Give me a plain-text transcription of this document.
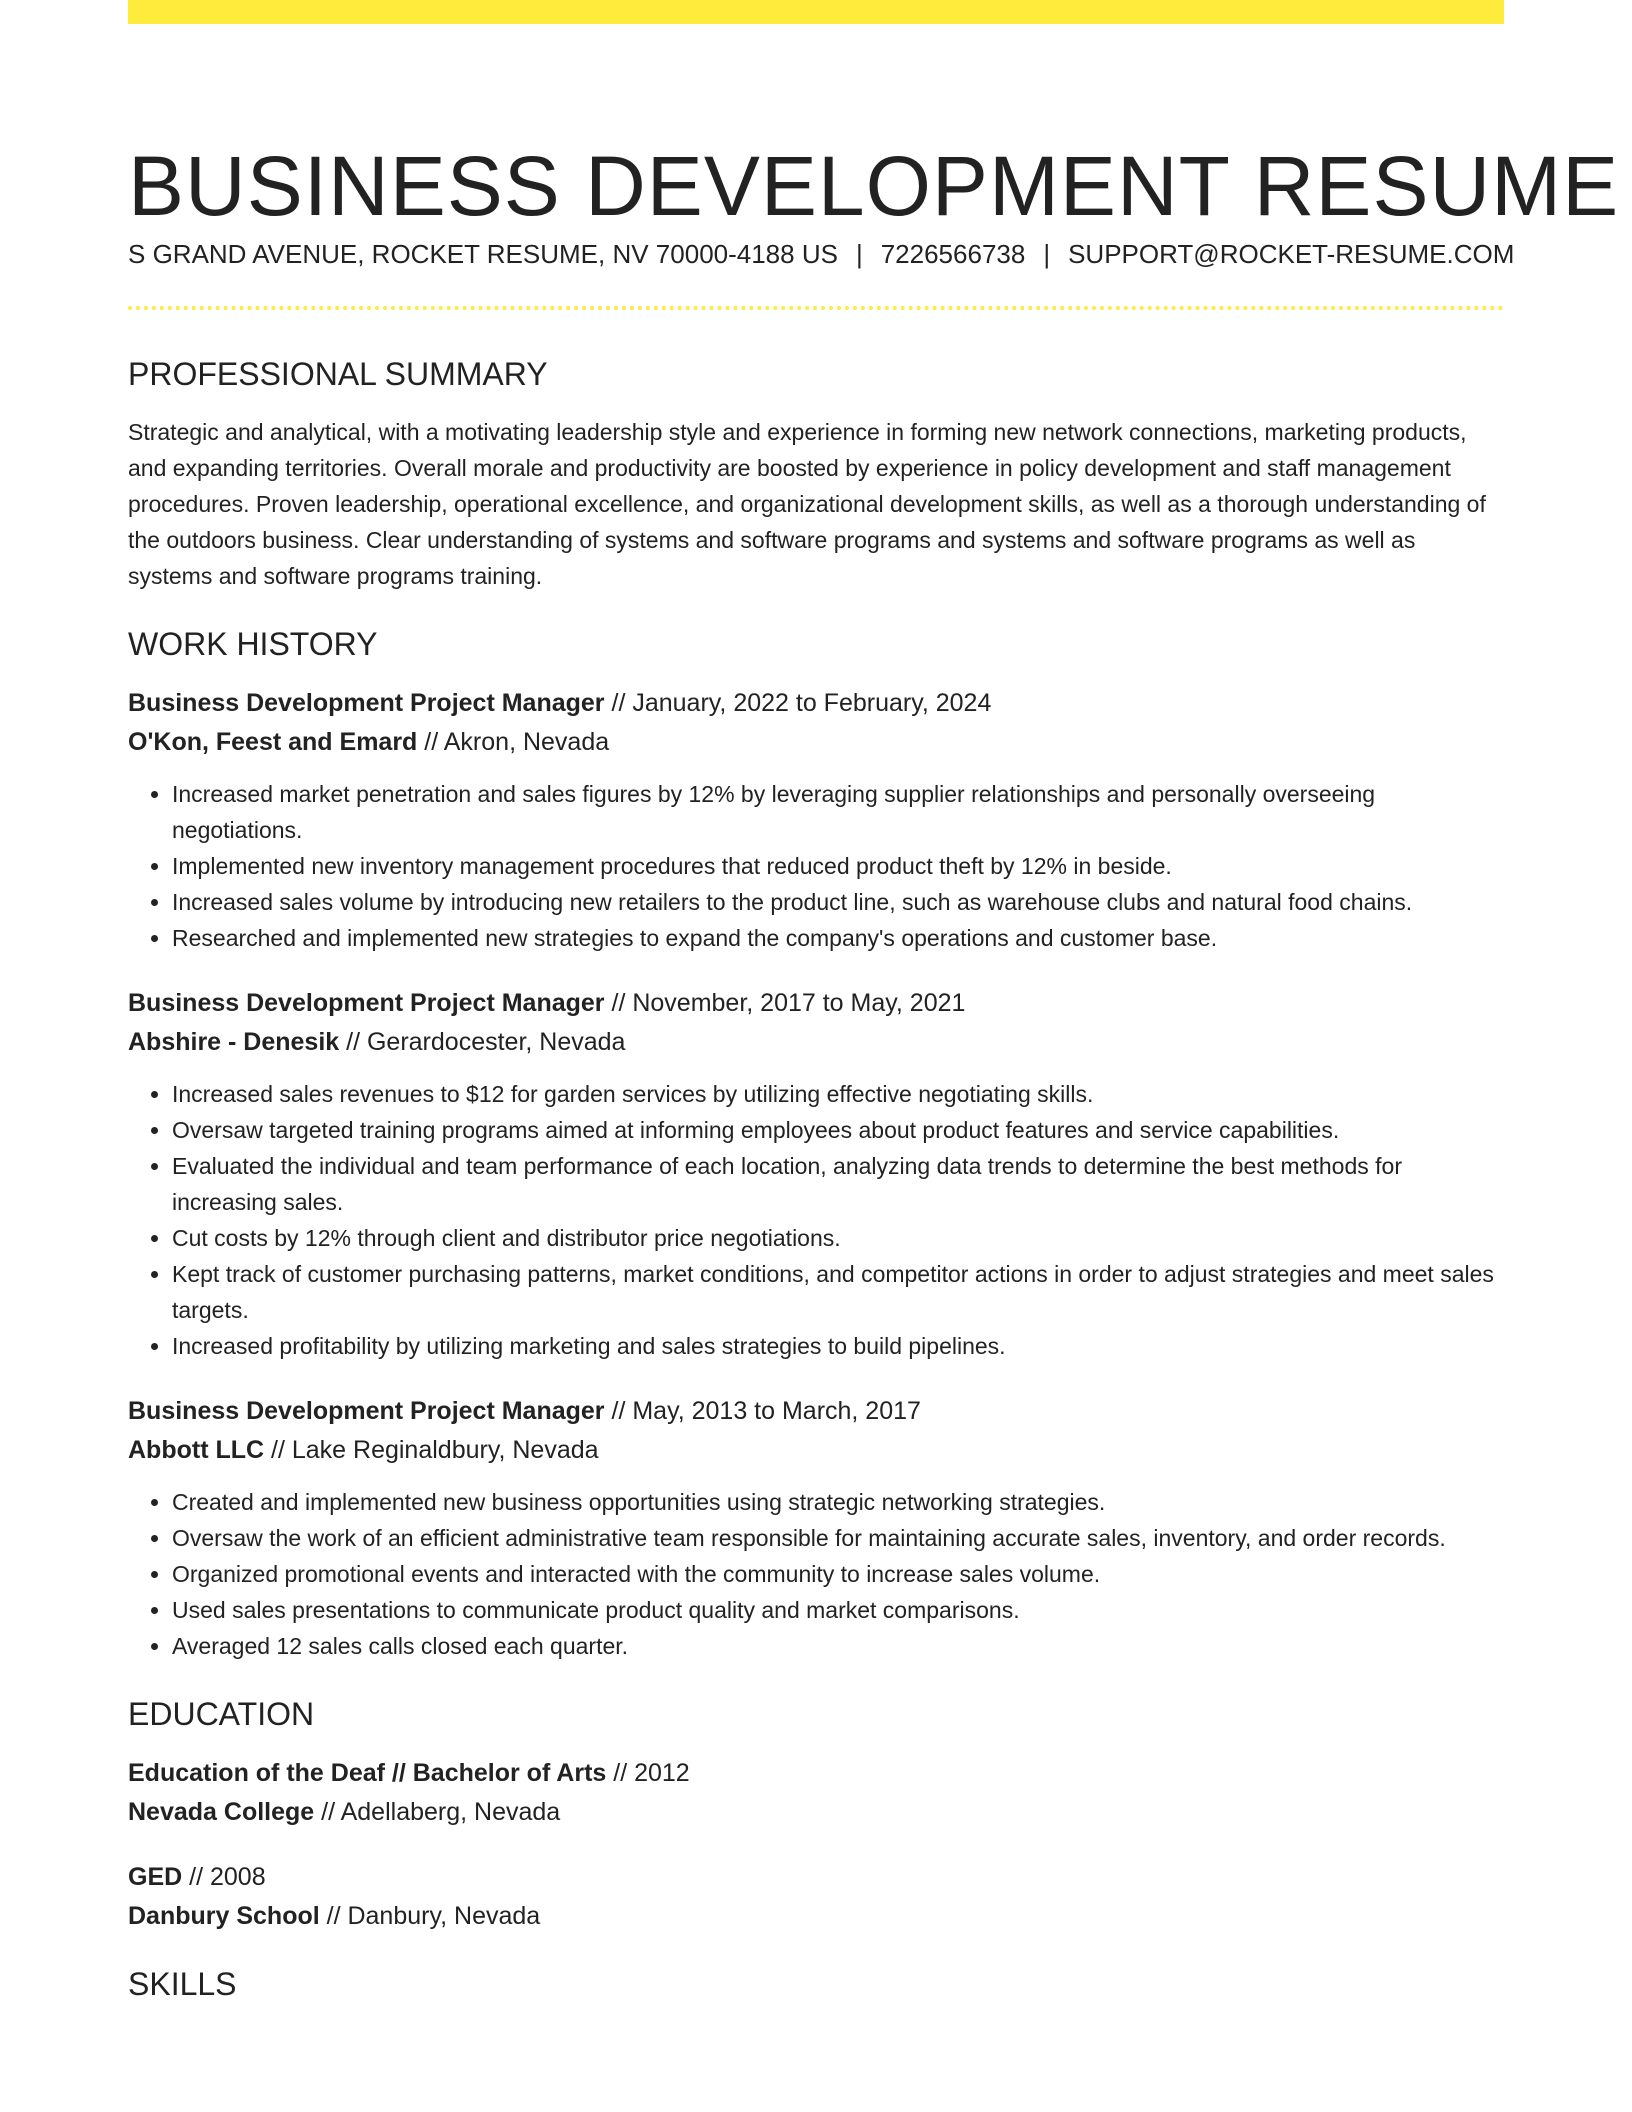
BUSINESS DEVELOPMENT RESUME
S GRAND AVENUE, ROCKET RESUME, NV 70000-4188 US | 7226566738 | SUPPORT@ROCKET-RESUME.COM
PROFESSIONAL SUMMARY

Strategic and analytical, with a motivating leadership style and experience in forming new network connections, marketing products, and expanding territories. Overall morale and productivity are boosted by experience in policy development and staff management procedures. Proven leadership, operational excellence, and organizational development skills, as well as a thorough understanding of the outdoors business. Clear understanding of systems and software programs and systems and software programs as well as systems and software programs training.

WORK HISTORY
Business Development Project Manager // January, 2022 to February, 2024
O'Kon, Feest and Emard // Akron, Nevada
• Increased market penetration and sales figures by 12% by leveraging supplier relationships and personally overseeing negotiations.
• Implemented new inventory management procedures that reduced product theft by 12% in beside.
• Increased sales volume by introducing new retailers to the product line, such as warehouse clubs and natural food chains.
• Researched and implemented new strategies to expand the company's operations and customer base.
Business Development Project Manager // November, 2017 to May, 2021
Abshire - Denesik // Gerardocester, Nevada
• Increased sales revenues to $12 for garden services by utilizing effective negotiating skills.
• Oversaw targeted training programs aimed at informing employees about product features and service capabilities.
• Evaluated the individual and team performance of each location, analyzing data trends to determine the best methods for increasing sales.
• Cut costs by 12% through client and distributor price negotiations.
• Kept track of customer purchasing patterns, market conditions, and competitor actions in order to adjust strategies and meet sales targets.
• Increased profitability by utilizing marketing and sales strategies to build pipelines.
Business Development Project Manager // May, 2013 to March, 2017
Abbott LLC // Lake Reginaldbury, Nevada
• Created and implemented new business opportunities using strategic networking strategies.
• Oversaw the work of an efficient administrative team responsible for maintaining accurate sales, inventory, and order records.
• Organized promotional events and interacted with the community to increase sales volume.
• Used sales presentations to communicate product quality and market comparisons.
• Averaged 12 sales calls closed each quarter.
EDUCATION
Education of the Deaf // Bachelor of Arts // 2012
Nevada College // Adellaberg, Nevada
GED // 2008
Danbury School // Danbury, Nevada
SKILLS
